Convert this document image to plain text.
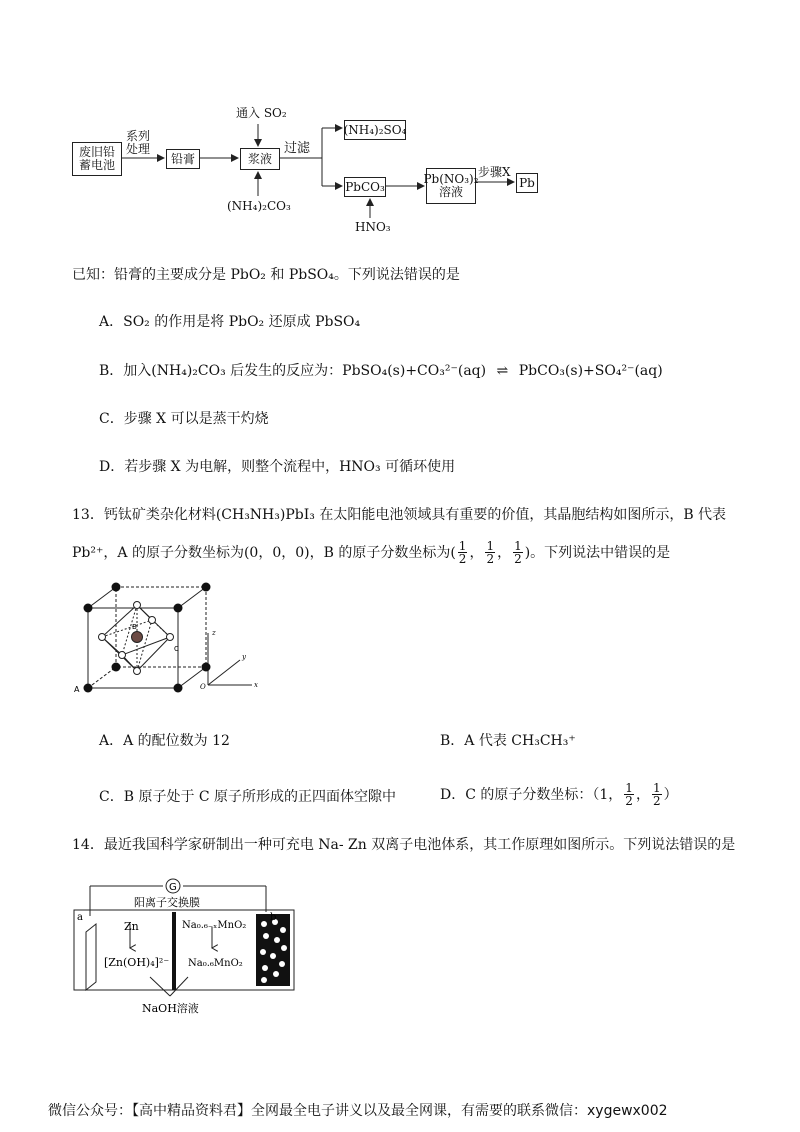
废旧铅蓄电池
系列处理
铅膏	浆液
通入 SO₂
(NH₄)₂CO₃
过滤
(NH₄)₂SO₄
PbCO₃
HNO₃
Pb(NO₃)₂
溶液
步骤X
Pb
已知：铅膏的主要成分是 PbO₂ 和 PbSO₄。下列说法错误的是
A．SO₂ 的作用是将 PbO₂ 还原成 PbSO₄
B．加入(NH₄)₂CO₃ 后发生的反应为：PbSO₄(s)+CO₃²⁻(aq) ⇌ PbCO₃(s)+SO₄²⁻(aq)
C．步骤 X 可以是蒸干灼烧
D．若步骤 X 为电解，则整个流程中，HNO₃ 可循环使用
13．钙钛矿类杂化材料(CH₃NH₃)PbI₃ 在太阳能电池领域具有重要的价值，其晶胞结构如图所示，B 代表
Pb²⁺，A 的原子分数坐标为(0，0，0)，B 的原子分数坐标为( $\frac{1}{2}$ ， $\frac{1}{2}$ ， $\frac{1}{2}$ )。下列说法中错误的是
A
B
C
z
y
x
O
A．A 的配位数为 12	B．A 代表 CH₃CH₃⁺
C．B 原子处于 C 原子所形成的正四面体空隙中	D．C 的原子分数坐标：（1， $\frac{1}{2}$ ， $\frac{1}{2}$ ）
14．最近我国科学家研制出一种可充电 Na- Zn 双离子电池体系，其工作原理如图所示。下列说法错误的是
G
阳离子交换膜
a	b
Zn
[Zn(OH)₄]²⁻
Na₀.₆₋ₓMnO₂
Na₀.₆MnO₂
NaOH溶液
微信公众号：【高中精品资料君】全网最全电子讲义以及最全网课，有需要的联系微信：xygewx002
